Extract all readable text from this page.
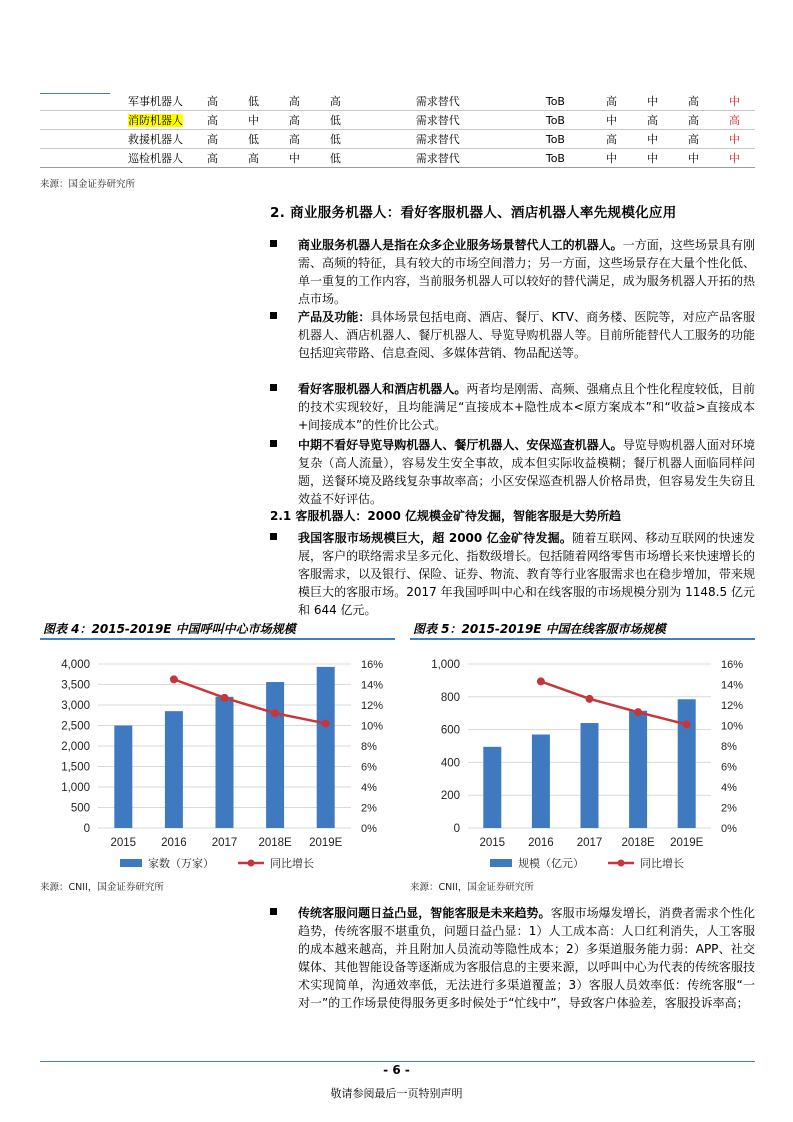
军事机器人	高	低	高	高	需求替代	ToB	高	中	高	中
消防机器人	高	中	高	低	需求替代	ToB	中	高	高	高
救援机器人	高	低	高	低	需求替代	ToB	高	中	高	中
巡检机器人	高	高	中	低	需求替代	ToB	中	中	中	中
来源：国金证券研究所
2. 商业服务机器人：看好客服机器人、酒店机器人率先规模化应用
商业服务机器人是指在众多企业服务场景替代人工的机器人。一方面，这些场景具有刚需、高频的特征，具有较大的市场空间潜力；另一方面，这些场景存在大量个性化低、单一重复的工作内容，当前服务机器人可以较好的替代满足，成为服务机器人开拓的热点市场。
产品及功能：具体场景包括电商、酒店、餐厅、KTV、商务楼、医院等，对应产品客服机器人、酒店机器人、餐厅机器人、导览导购机器人等。目前所能替代人工服务的功能包括迎宾带路、信息查阅、多媒体营销、物品配送等。
看好客服机器人和酒店机器人。两者均是刚需、高频、强痛点且个性化程度较低，目前的技术实现较好，且均能满足“直接成本+隐性成本<原方案成本”和“收益>直接成本+间接成本”的性价比公式。
中期不看好导览导购机器人、餐厅机器人、安保巡查机器人。导览导购机器人面对环境复杂（高人流量），容易发生安全事故，成本但实际收益模糊；餐厅机器人面临同样问题，送餐环境及路线复杂事故率高；小区安保巡查机器人价格昂贵，但容易发生失窃且效益不好评估。
2.1 客服机器人：2000 亿规模金矿待发掘，智能客服是大势所趋
我国客服市场规模巨大，超 2000 亿金矿待发掘。随着互联网、移动互联网的快速发展，客户的联络需求呈多元化、指数级增长。包括随着网络零售市场增长来快速增长的客服需求，以及银行、保险、证券、物流、教育等行业客服需求也在稳步增加，带来规模巨大的客服市场。2017 年我国呼叫中心和在线客服的市场规模分别为 1148.5 亿元和 644 亿元。
图表 4：2015-2019E 中国呼叫中心市场规模
4,000
3,500
3,000
2,500
2,000
1,500
1,000
500
0
16%
14%
12%
10%
8%
6%
4%
2%
0%
2015 2016 2017 2018E 2019E
家数（万家）	同比增长
来源：CNII，国金证券研究所
图表 5：2015-2019E 中国在线客服市场规模
1,000
800
600
400
200
0
16%
14%
12%
10%
8%
6%
4%
2%
0%
2015 2016 2017 2018E 2019E
规模（亿元）	同比增长
来源：CNII，国金证券研究所
传统客服问题日益凸显，智能客服是未来趋势。客服市场爆发增长，消费者需求个性化趋势，传统客服不堪重负，问题日益凸显：1）人工成本高：人口红利消失，人工客服的成本越来越高，并且附加人员流动等隐性成本；2）多渠道服务能力弱：APP、社交媒体、其他智能设备等逐渐成为客服信息的主要来源，以呼叫中心为代表的传统客服技术实现简单，沟通效率低，无法进行多渠道覆盖；3）客服人员效率低：传统客服“一对一”的工作场景使得服务更多时候处于“忙线中”，导致客户体验差，客服投诉率高；
- 6 -
敬请参阅最后一页特别声明
